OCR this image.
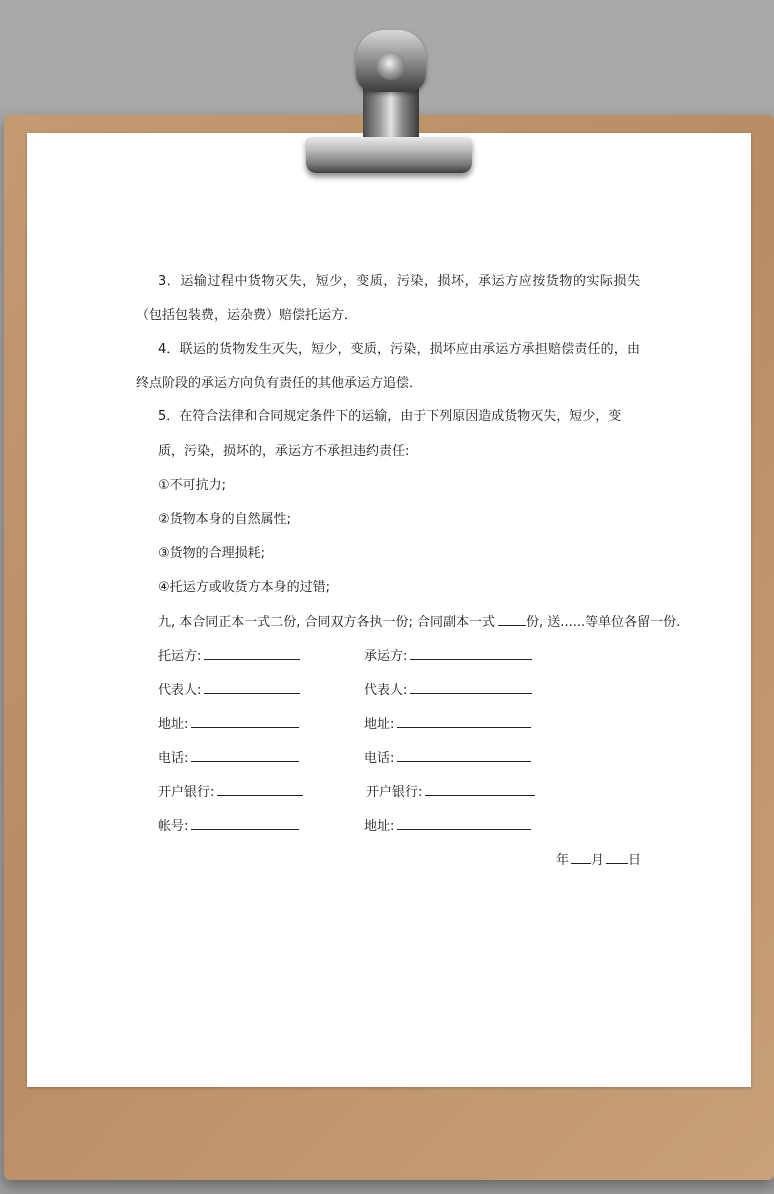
3．运输过程中货物灭失，短少，变质，污染，损坏，承运方应按货物的实际损失（包括包装费，运杂费）赔偿托运方．

4．联运的货物发生灭失，短少，变质，污染，损坏应由承运方承担赔偿责任的，由终点阶段的承运方向负有责任的其他承运方追偿．

5．在符合法律和合同规定条件下的运输，由于下列原因造成货物灭失，短少，变
质，污染，损坏的，承运方不承担违约责任:
①不可抗力;
②货物本身的自然属性;
③货物的合理损耗;
④托运方或收货方本身的过错;
九, 本合同正本一式二份, 合同双方各执一份; 合同副本一式 份, 送......等单位各留一份.
托运方:
代表人:
地址:
电话:
开户银行:
帐号:
承运方:
代表人:
地址:
电话:
开户银行:
地址:
年 月 日
